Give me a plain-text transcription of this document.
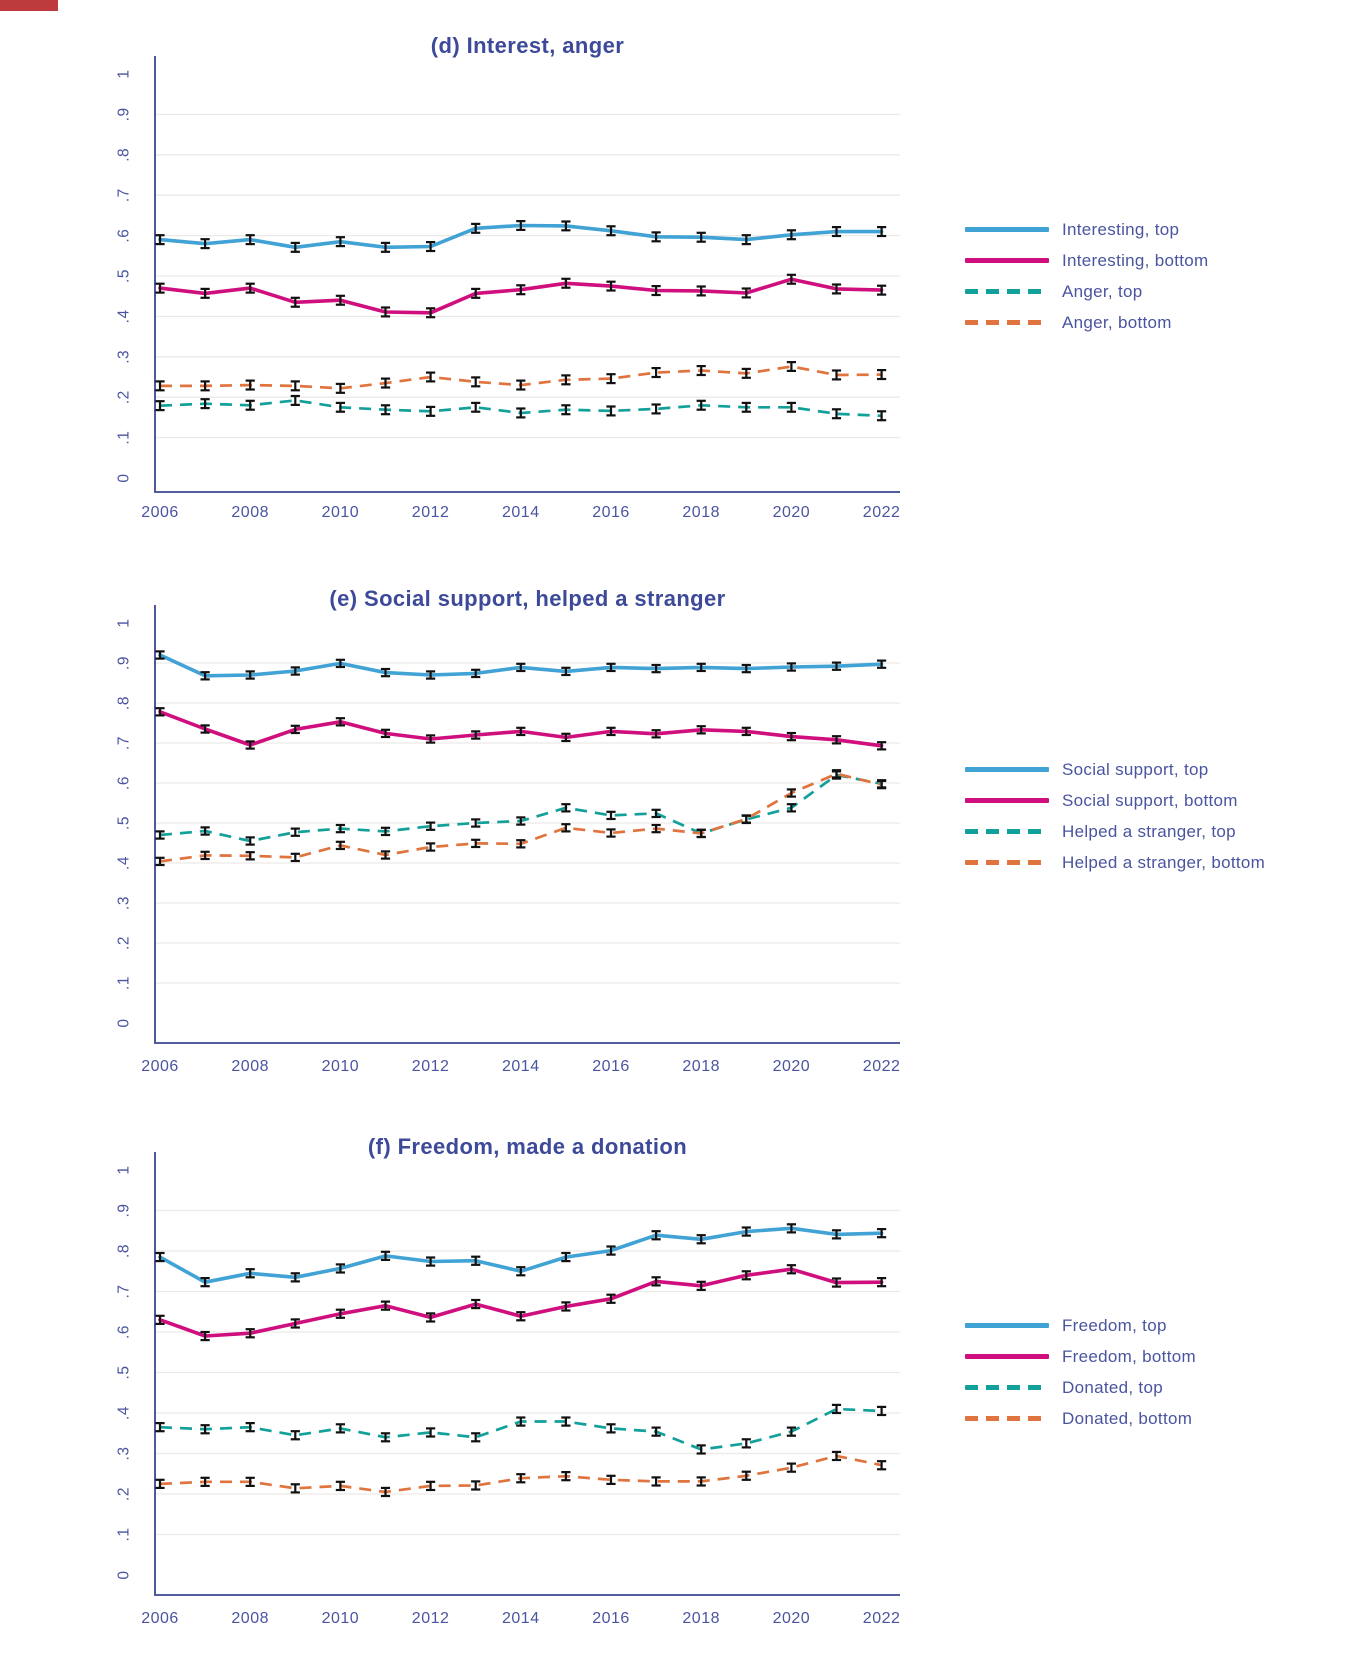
0
.1
.2
.3
.4
.5
.6
.7
.8
.9
1
2006	2008	2010	2012	2014	2016	2018	2020	2022
0
.1
.2
.3
.4
.5
.6
.7
.8
.9
1
2006	2008	2010	2012	2014	2016	2018	2020	2022
0
.1
.2
.3
.4
.5
.6
.7
.8
.9
1
2006	2008	2010	2012	2014	2016	2018	2020	2022
(d) Interest, anger
(e) Social support, helped a stranger
(f) Freedom, made a donation
Interesting, top
Interesting, bottom
Anger, top
Anger, bottom
Social support, top
Social support, bottom
Helped a stranger, top
Helped a stranger, bottom
Freedom, top
Freedom, bottom
Donated, top
Donated, bottom
